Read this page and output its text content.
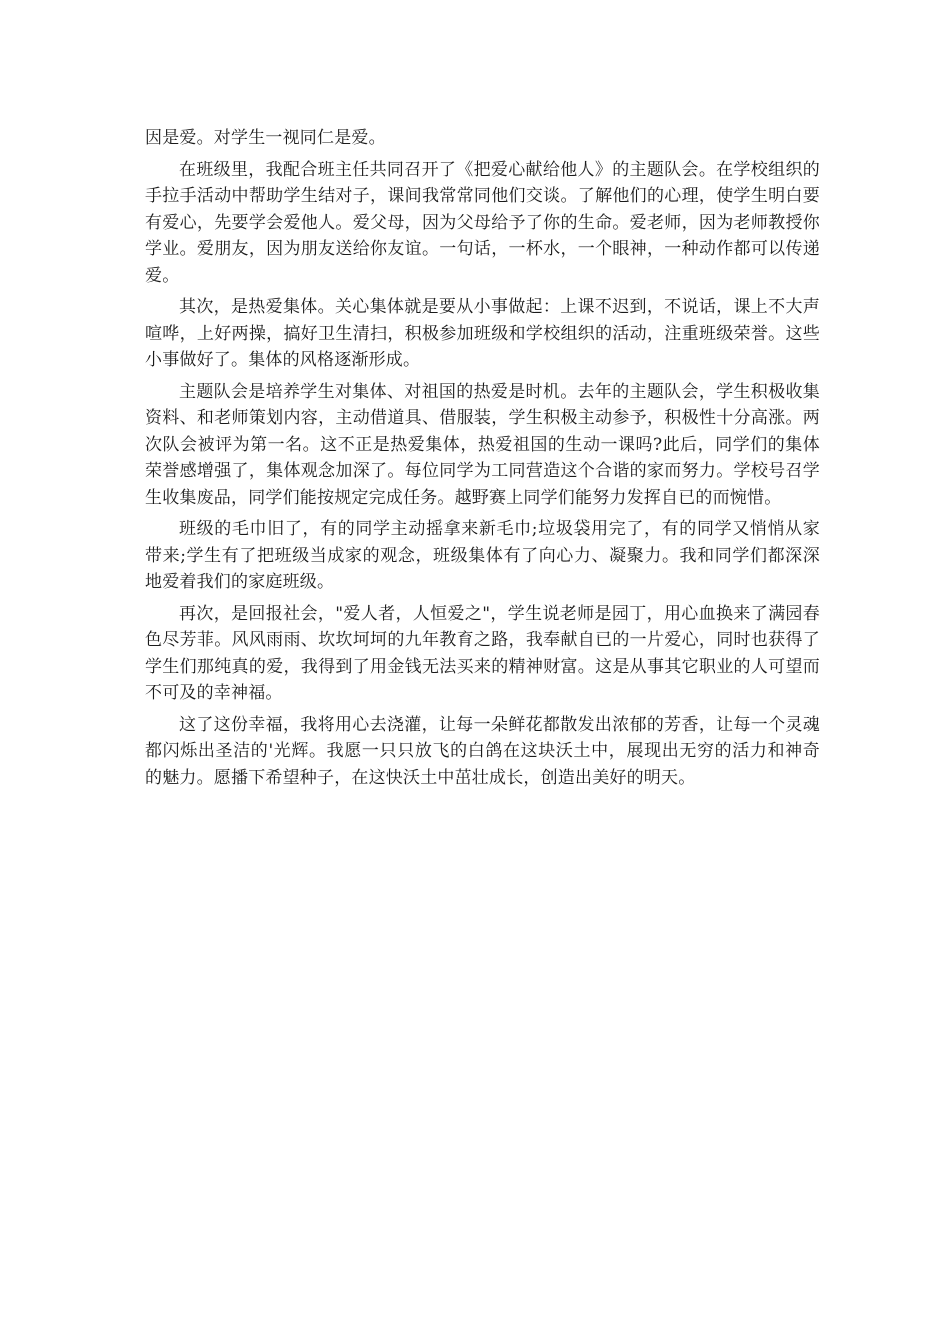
因是爱。对学生一视同仁是爱。

在班级里，我配合班主任共同召开了《把爱心献给他人》的主题队会。在学校组织的手拉手活动中帮助学生结对子，课间我常常同他们交谈。了解他们的心理，使学生明白要有爱心，先要学会爱他人。爱父母，因为父母给予了你的生命。爱老师，因为老师教授你学业。爱朋友，因为朋友送给你友谊。一句话，一杯水，一个眼神，一种动作都可以传递爱。

其次，是热爱集体。关心集体就是要从小事做起：上课不迟到，不说话，课上不大声喧哗，上好两操，搞好卫生清扫，积极参加班级和学校组织的活动，注重班级荣誉。这些小事做好了。集体的风格逐渐形成。

主题队会是培养学生对集体、对祖国的热爱是时机。去年的主题队会，学生积极收集资料、和老师策划内容，主动借道具、借服装，学生积极主动参予，积极性十分高涨。两次队会被评为第一名。这不正是热爱集体，热爱祖国的生动一课吗?此后，同学们的集体荣誉感增强了，集体观念加深了。每位同学为工同营造这个合谐的家而努力。学校号召学生收集废品，同学们能按规定完成任务。越野赛上同学们能努力发挥自已的而惋惜。

班级的毛巾旧了，有的同学主动摇拿来新毛巾;垃圾袋用完了，有的同学又悄悄从家带来;学生有了把班级当成家的观念，班级集体有了向心力、凝聚力。我和同学们都深深地爱着我们的家庭班级。

再次，是回报社会，"爱人者，人恒爱之"，学生说老师是园丁，用心血换来了满园春色尽芳菲。风风雨雨、坎坎坷坷的九年教育之路，我奉献自已的一片爱心，同时也获得了学生们那纯真的爱，我得到了用金钱无法买来的精神财富。这是从事其它职业的人可望而不可及的幸神福。

这了这份幸福，我将用心去浇灌，让每一朵鲜花都散发出浓郁的芳香，让每一个灵魂都闪烁出圣洁的'光辉。我愿一只只放飞的白鸽在这块沃土中，展现出无穷的活力和神奇的魅力。愿播下希望种子，在这快沃土中茁壮成长，创造出美好的明天。
